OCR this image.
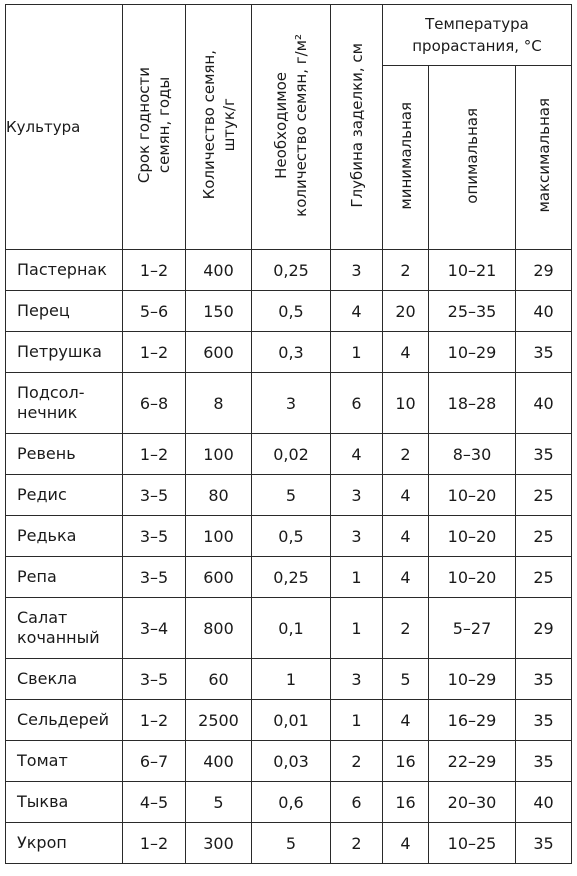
Культура	Срок годности семян, годы	Количество семян, штук/г	Необходимое количество семян, г/м²	Глубина заделки, см	Температура
прорастания, °С		
					минимальная	опимальная	максимальная
Пастернак	1–2	400	0,25	3	2	10–21	29
Перец	5–6	150	0,5	4	20	25–35	40
Петрушка	1–2	600	0,3	1	4	10–29	35
Подсол-
нечник	6–8	8	3	6	10	18–28	40
Ревень	1–2	100	0,02	4	2	8–30	35
Редис	3–5	80	5	3	4	10–20	25
Редька	3–5	100	0,5	3	4	10–20	25
Репа	3–5	600	0,25	1	4	10–20	25
Салат
кочанный	3–4	800	0,1	1	2	5–27	29
Свекла	3–5	60	1	3	5	10–29	35
Сельдерей	1–2	2500	0,01	1	4	16–29	35
Томат	6–7	400	0,03	2	16	22–29	35
Тыква	4–5	5	0,6	6	16	20–30	40
Укроп	1–2	300	5	2	4	10–25	35
